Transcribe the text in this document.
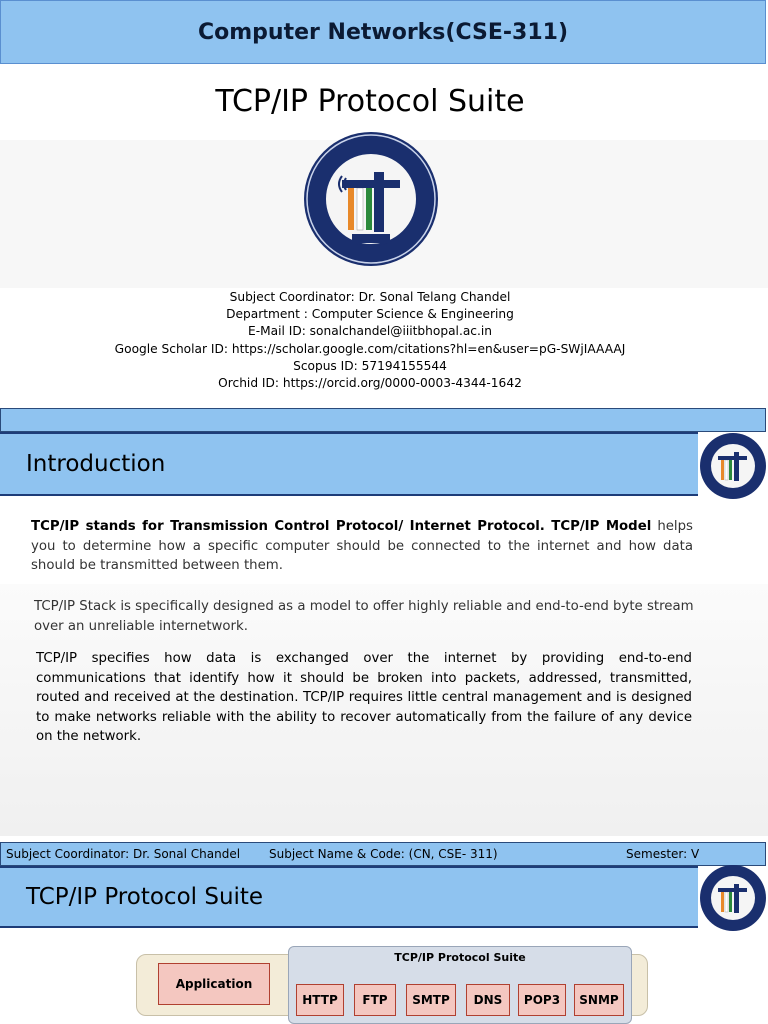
Computer Networks(CSE-311)
TCP/IP Protocol Suite
Subject Coordinator: Dr. Sonal Telang Chandel
Department : Computer Science & Engineering
E-Mail ID: sonalchandel@iiitbhopal.ac.in
Google Scholar ID: https://scholar.google.com/citations?hl=en&user=pG-SWjIAAAAJ
Scopus ID: 57194155544
Orchid ID: https://orcid.org/0000-0003-4344-1642
Introduction
TCP/IP stands for Transmission Control Protocol/ Internet Protocol. TCP/IP Model helps you to determine how a specific computer should be connected to the internet and how data should be transmitted between them.
TCP/IP Stack is specifically designed as a model to offer highly reliable and end-to-end byte stream over an unreliable internetwork.
TCP/IP specifies how data is exchanged over the internet by providing end-to-end communications that identify how it should be broken into packets, addressed, transmitted, routed and received at the destination. TCP/IP requires little central management and is designed to make networks reliable with the ability to recover automatically from the failure of any device on the network.
Subject Coordinator: Dr. Sonal Chandel Subject Name & Code: (CN, CSE- 311)	Semester: V
TCP/IP Protocol Suite
TCP/IP Protocol Suite
Application
HTTP	FTP	SMTP	DNS	POP3	SNMP
